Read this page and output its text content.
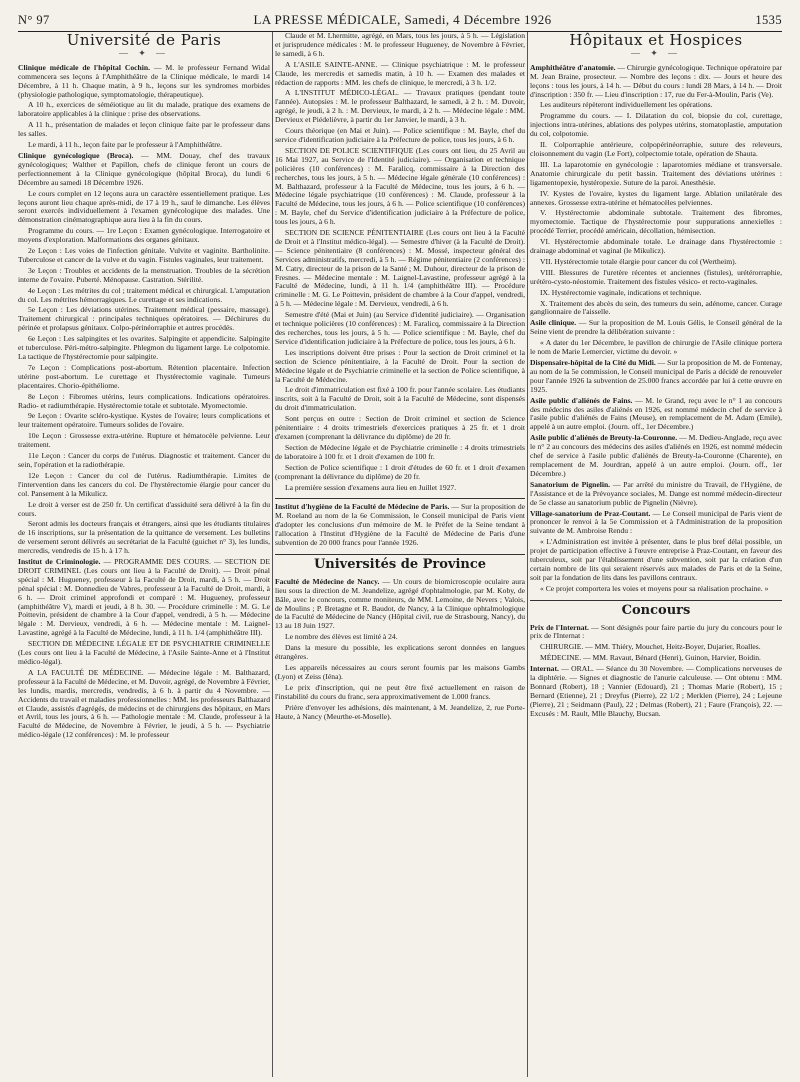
N° 97	LA PRESSE MÉDICALE, Samedi, 4 Décembre 1926	1535
Université de Paris
— ✦ —

Clinique médicale de l'hôpital Cochin. — M. le professeur Fernand Widal commencera ses leçons à l'Amphithéâtre de la Clinique médicale, le mardi 14 Décembre, à 11 h. Chaque matin, à 9 h., leçons sur les syndromes morbides (physiologie pathologique, symptomatologie, thérapeutique).

A 10 h., exercices de séméiotique au lit du malade, pratique des examens de laboratoire applicables à la clinique : prise des observations.

A 11 h., présentation de malades et leçon clinique faite par le professeur dans les salles.

Le mardi, à 11 h., leçon faite par le professeur à l'Amphithéâtre.

Clinique gynécologique (Broca). — MM. Douay, chef des travaux gynécologiques; Walther et Papillon, chefs de clinique feront un cours de perfectionnement à la Clinique gynécologique (hôpital Broca), du lundi 6 Décembre au samedi 18 Décembre 1926.

Le cours complet en 12 leçons aura un caractère essentiellement pratique. Les leçons auront lieu chaque après-midi, de 17 à 19 h., sauf le dimanche. Les élèves seront exercés individuellement à l'examen gynécologique des malades. Une démonstration cinématographique aura lieu à la fin du cours.

Programme du cours. — 1re Leçon : Examen gynécologique. Interrogatoire et moyens d'exploration. Malformations des organes génitaux.

2e Leçon : Les voies de l'infection génitale. Vulvite et vaginite. Bartholinite. Tuberculose et cancer de la vulve et du vagin. Fistules vaginales, leur traitement.

3e Leçon : Troubles et accidents de la menstruation. Troubles de la sécrétion interne de l'ovaire. Puberté. Ménopause. Castration. Stérilité.

4e Leçon : Les métrites du col ; traitement médical et chirurgical. L'amputation du col. Les métrites hémorragiques. Le curettage et ses indications.

5e Leçon : Les déviations utérines. Traitement médical (pessaire, massage). Traitement chirurgical : principales techniques opératoires. — Déchirures du périnée et prolapsus génitaux. Colpo-périnéorraphie et autres procédés.

6e Leçon : Les salpingites et les ovarites. Salpingite et appendicite. Salpingite et tuberculose. Péri-métro-salpingite. Phlegmon du ligament large. Le colpotomie. La tactique de l'hystérectomie pour salpingite.

7e Leçon : Complications post-abortum. Rétention placentaire. Infection utérine post-abortum. Le curettage et l'hystérectomie vaginale. Tumeurs placentaires. Chorio-épithéliome.

8e Leçon : Fibromes utérins, leurs complications. Indications opératoires. Radio- et radiumthérapie. Hystérectomie totale et subtotale. Myomectomie.

9e Leçon : Ovarite scléro-kystique. Kystes de l'ovaire; leurs complications et leur traitement opératoire. Tumeurs solides de l'ovaire.

10e Leçon : Grossesse extra-utérine. Rupture et hématocèle pelvienne. Leur traitement.

11e Leçon : Cancer du corps de l'utérus. Diagnostic et traitement. Cancer du sein, l'opération et la radiothérapie.

12e Leçon : Cancer du col de l'utérus. Radiumthérapie. Limites de l'intervention dans les cancers du col. De l'hystérectomie élargie pour cancer du col. Pansement à la Mikulicz.

Le droit à verser est de 250 fr. Un certificat d'assiduité sera délivré à la fin du cours.

Seront admis les docteurs français et étrangers, ainsi que les étudiants titulaires de 16 inscriptions, sur la présentation de la quittance de versement. Les bulletins de versement seront délivrés au secrétariat de la Faculté (guichet n° 3), les lundis, mercredis, vendredis de 15 h. à 17 h.

Institut de Criminologie. — PROGRAMME DES COURS. — SECTION DE DROIT CRIMINEL (Les cours ont lieu à la Faculté de Droit). — Droit pénal spécial : M. Hugueney, professeur à la Faculté de Droit, mardi, à 5 h. — Droit pénal spécial : M. Donnedieu de Vabres, professeur à la Faculté de Droit, mardi, à 6 h. — Droit criminel approfondi et comparé : M. Hugueney, professeur (amphithéâtre V), mardi et jeudi, à 8 h. 30. — Procédure criminelle : M. G. Le Poittevin, président de chambre à la Cour d'appel, vendredi, à 5 h. — Médecine légale : M. Dervieux, vendredi, à 6 h. — Médecine mentale : M. Laignel-Lavastine, agrégé à la Faculté de Médecine, lundi, à 11 h. 1/4 (amphithéâtre III).

SECTION DE MÉDECINE LÉGALE ET DE PSYCHIATRIE CRIMINELLE (Les cours ont lieu à la Faculté de Médecine, à l'Asile Sainte-Anne et à l'Institut médico-légal).

A LA FACULTÉ DE MÉDECINE. — Médecine légale : M. Balthazard, professeur à la Faculté de Médecine, et M. Duvoir, agrégé, de Novembre à Février, les lundis, mardis, mercredis, vendredis, à 6 h. à partir du 4 Novembre. — Accidents du travail et maladies professionnelles : MM. les professeurs Balthazard et Claude, assistés d'agrégés, de médecins et de chirurgiens des hôpitaux, en Mars et Avril, tous les jours, à 6 h. — Pathologie mentale : M. Claude, professeur à la Faculté de Médecine, de Novembre à Février, le jeudi, à 5 h. — Psychiatrie médico-légale (12 conférences) : M. le professeur

Claude et M. Lhermitte, agrégé, en Mars, tous les jours, à 5 h. — Législation et jurisprudence médicales : M. le professeur Hugueney, de Novembre à Février, le samedi, à 6 h.

A L'ASILE SAINTE-ANNE. — Clinique psychiatrique : M. le professeur Claude, les mercredis et samedis matin, à 10 h. — Examen des malades et rédaction de rapports : MM. les chefs de clinique, le mercredi, à 3 h. 1/2.

A L'INSTITUT MÉDICO-LÉGAL. — Travaux pratiques (pendant toute l'année). Autopsies : M. le professeur Balthazard, le samedi, à 2 h. : M. Duvoir, agrégé, le jeudi, à 2 h. : M. Dervieux, le mardi, à 2 h. — Médecine légale : MM. Dervieux et Piédelièvre, à partir du 1er Janvier, le mardi, à 3 h.

Cours théorique (en Mai et Juin). — Police scientifique : M. Bayle, chef du service d'identification judiciaire à la Préfecture de police, tous les jours, à 6 h.

SECTION DE POLICE SCIENTIFIQUE (Les cours ont lieu, du 25 Avril au 16 Mai 1927, au Service de l'Identité judiciaire). — Organisation et technique policières (10 conférences) : M. Faralicq, commissaire à la Direction des recherches, tous les jours, à 5 h. — Médecine légale générale (10 conférences) : M. Balthazard, professeur à la Faculté de Médecine, tous les jours, à 6 h. — Médecine légale psychiatrique (10 conférences) : M. Claude, professeur à la Faculté de Médecine, tous les jours, à 6 h. — Police scientifique (10 conférences) : M. Bayle, chef du Service d'identification judiciaire à la Préfecture de police, tous les jours, à 6 h.

SECTION DE SCIENCE PÉNITENTIAIRE (Les cours ont lieu à la Faculté de Droit et à l'Institut médico-légal). — Semestre d'hiver (à la Faculté de Droit). — Science pénitentiaire (8 conférences) : M. Mossé, inspecteur général des Services administratifs, mercredi, à 5 h. — Régime pénitentiaire (2 conférences) : M. Catry, directeur de la prison de la Santé ; M. Duhour, directeur de la prison de Fresnes. — Médecine mentale : M. Laignel-Lavastine, professeur agrégé à la Faculté de Médecine, lundi, à 11 h. 1/4 (amphithéâtre III). — Procédure criminelle : M. G. Le Poittevin, président de chambre à la Cour d'appel, vendredi, à 5 h. — Médecine légale : M. Dervieux, vendredi, à 6 h.

Semestre d'été (Mai et Juin) (au Service d'identité judiciaire). — Organisation et technique policières (10 conférences) : M. Faralicq, commissaire à la Direction des recherches, tous les jours, à 5 h. — Police scientifique : M. Bayle, chef du Service d'identification judiciaire à la Préfecture de police, tous les jours, à 6 h.

Les inscriptions doivent être prises : Pour la section de Droit criminel et la section de Science pénitentiaire, à la Faculté de Droit. Pour la section de Médecine légale et de Psychiatrie criminelle et la section de Police scientifique, à la Faculté de Médecine.

Le droit d'immatriculation est fixé à 100 fr. pour l'année scolaire. Les étudiants inscrits, soit à la Faculté de Droit, soit à la Faculté de Médecine, sont dispensés du droit d'immatriculation.

Sont perçus en outre : Section de Droit criminel et section de Science pénitentiaire : 4 droits trimestriels d'exercices pratiques à 25 fr. et 1 droit d'examen (comprenant la délivrance du diplôme) de 20 fr.

Section de Médecine légale et de Psychiatrie criminelle : 4 droits trimestriels de laboratoire à 100 fr. et 1 droit d'examen de 100 fr.

Section de Police scientifique : 1 droit d'études de 60 fr. et 1 droit d'examen (comprenant la délivrance du diplôme) de 20 fr.

La première session d'examens aura lieu en Juillet 1927.

Institut d'hygiène de la Faculté de Médecine de Paris. — Sur la proposition de M. Roeland au nom de la 6e Commission, le Conseil municipal de Paris vient d'adopter les conclusions d'un mémoire de M. le Préfet de la Seine tendant à l'allocation à l'Institut d'Hygiène de la Faculté de Médecine de Paris d'une subvention de 20 000 francs pour l'année 1926.

Universités de Province

Faculté de Médecine de Nancy. — Un cours de biomicroscopie oculaire aura lieu sous la direction de M. Jeandelize, agrégé d'ophtalmologie, par M. Koby, de Bâle, avec le concours, comme moniteurs, de MM. Lemoine, de Nevers ; Valois, de Moulins ; P. Bretagne et R. Baudot, de Nancy, à la Clinique ophtalmologique de la Faculté de Médecine de Nancy (Hôpital civil, rue de Strasbourg, Nancy), du 13 au 18 Juin 1927.

Le nombre des élèves est limité à 24.

Dans la mesure du possible, les explications seront données en langues étrangères.

Les appareils nécessaires au cours seront fournis par les maisons Gambs (Lyon) et Zeiss (Iéna).

Le prix d'inscription, qui ne peut être fixé actuellement en raison de l'instabilité du cours du franc, sera approximativement de 1.000 francs.

Prière d'envoyer les adhésions, dès maintenant, à M. Jeandelize, 2, rue Porte-Haute, à Nancy (Meurthe-et-Moselle).

Hôpitaux et Hospices
— ✦ —

Amphithéâtre d'anatomie. — Chirurgie gynécologique. Technique opératoire par M. Jean Braine, prosecteur. — Nombre des leçons : dix. — Jours et heure des leçons : tous les jours, à 14 h. — Début du cours : lundi 28 Mars, à 14 h. — Droit d'inscription : 350 fr. — Lieu d'inscription : 17, rue du Fer-à-Moulin, Paris (Ve).

Les auditeurs répèteront individuellement les opérations.

Programme du cours. — I. Dilatation du col, biopsie du col, curettage, injections intra-utérines, ablations des polypes utérins, stomatoplastie, amputation du col, colpotomie.

II. Colporraphie antérieure, colpopérinéorraphie, suture des releveurs, cloisonnement du vagin (Le Fort), colpectomie totale, opération de Shauta.

III. La laparotomie en gynécologie : laparotomies médiane et transversale. Anatomie chirurgicale du petit bassin. Traitement des déviations utérines : ligamentopexie, hystéropexie. Suture de la paroi. Anesthésie.

IV. Kystes de l'ovaire, kystes du ligament large. Ablation unilatérale des annexes. Grossesse extra-utérine et hématocèles pelviennes.

V. Hystérectomie abdominale subtotale. Traitement des fibromes, myomectomie. Tactique de l'hystérectomie pour suppurations annexielles : procédé Terrier, procédé américain, décollation, hémisection.

VI. Hystérectomie abdominale totale. Le drainage dans l'hystérectomie : drainage abdominal et vaginal (le Mikulicz).

VII. Hystérectomie totale élargie pour cancer du col (Wertheim).

VIII. Blessures de l'uretère récentes et anciennes (fistules), urétérorraphie, urétéro-cysto-néostomie. Traitement des fistules vésico- et recto-vaginales.

IX. Hystérectomie vaginale, indications et technique.

X. Traitement des abcès du sein, des tumeurs du sein, adénome, cancer. Curage ganglionnaire de l'aisselle.

Asile clinique. — Sur la proposition de M. Louis Gélis, le Conseil général de la Seine vient de prendre la délibération suivante :

« A dater du 1er Décembre, le pavillon de chirurgie de l'Asile clinique portera le nom de Marie Lemercier, victime du devoir. »

Dispensaire-hôpital de la Cité du Midi. — Sur la proposition de M. de Fontenay, au nom de la 5e commission, le Conseil municipal de Paris a décidé de renouveler pour l'année 1926 la subvention de 25.000 francs accordée par lui à cette œuvre en 1925.

Asile public d'aliénés de Fains. — M. le Grand, reçu avec le n° 1 au concours des médecins des asiles d'aliénés en 1926, est nommé médecin chef de service à l'asile public d'aliénés de Fains (Meuse), en remplacement de M. Adam (Emile), appelé à un autre emploi. (Journ. off., 1er Décembre.)

Asile public d'aliénés de Breuty-la-Couronne. — M. Dedieu-Anglade, reçu avec le n° 2 au concours des médecins des asiles d'aliénés en 1926, est nommé médecin chef de service à l'asile public d'aliénés de Breuty-la-Couronne (Charente), en remplacement de M. Jourdran, appelé à un autre emploi. (Journ. off., 1er Décembre.)

Sanatorium de Pignelin. — Par arrêté du ministre du Travail, de l'Hygiène, de l'Assistance et de la Prévoyance sociales, M. Dange est nommé médecin-directeur de 5e classe au sanatorium public de Pignelin (Nièvre).

Village-sanatorium de Praz-Coutant. — Le Conseil municipal de Paris vient de prononcer le renvoi à la 5e Commission et à l'Administration de la proposition suivante de M. Ambroise Rendu :

« L'Administration est invitée à présenter, dans le plus bref délai possible, un projet de participation effective à l'œuvre entreprise à Praz-Coutant, en faveur des tuberculeux, soit par l'établissement d'une subvention, soit par la création d'un certain nombre de lits qui seraient réservés aux malades de Paris et de la Seine, soit par la fondation de lits dans les pavillons centraux.

« Ce projet comportera les voies et moyens pour sa réalisation prochaine. »

Concours

Prix de l'Internat. — Sont désignés pour faire partie du jury du concours pour le prix de l'Internat :

CHIRURGIE. — MM. Thiéry, Mouchet, Heitz-Boyer, Dujarier, Roalles.

MÉDECINE. — MM. Ravaut, Bénard (Henri), Guinon, Harvier, Boidin.

Internat. — ORAL. — Séance du 30 Novembre. — Complications nerveuses de la diphtérie. — Signes et diagnostic de l'anurie calculeuse. — Ont obtenu : MM. Bonnard (Robert), 18 ; Vannier (Edouard), 21 ; Thomas Marie (Robert), 15 ; Bernard (Etienne), 21 ; Dreyfus (Pierre), 22 1/2 ; Merklen (Pierre), 24 ; Lejeune (Pierre), 21 ; Seidmann (Paul), 22 ; Delmas (Robert), 21 ; Faure (François), 22. — Excusés : M. Rault, Mlle Blauchy, Bucsan.
